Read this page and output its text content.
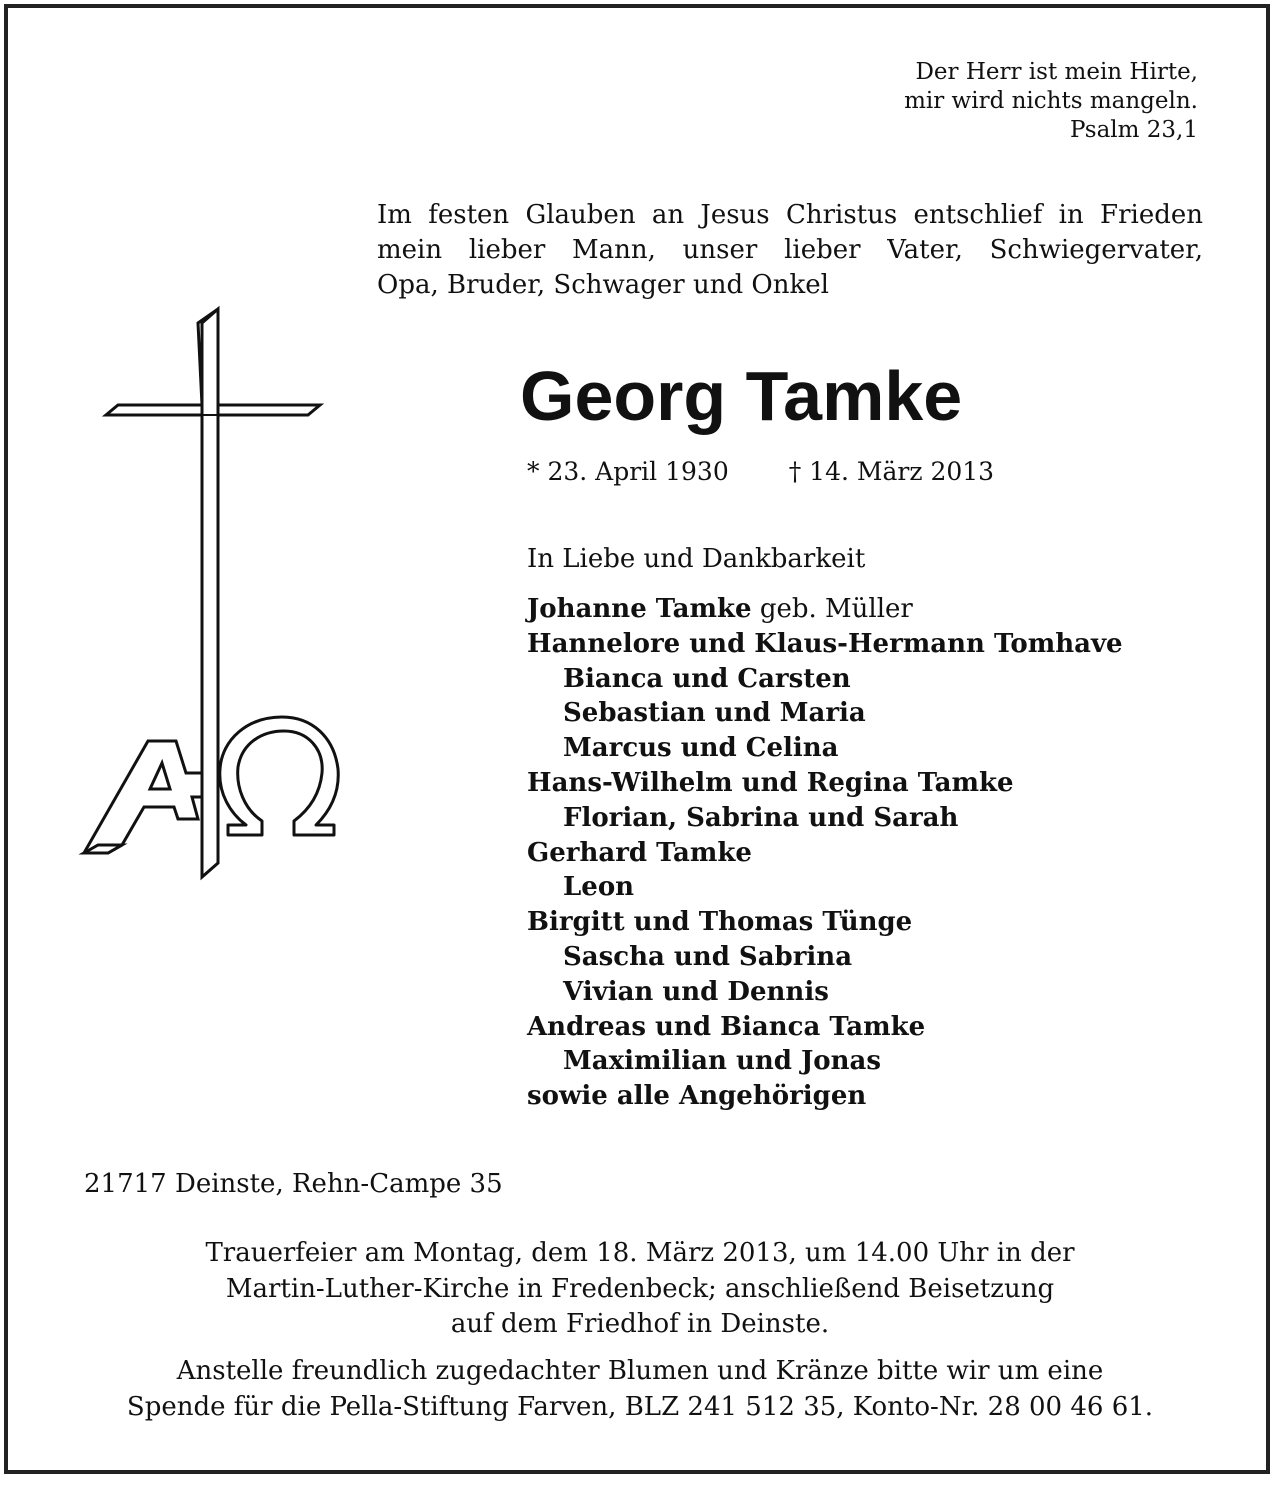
Der Herr ist mein Hirte,
mir wird nichts mangeln.
Psalm 23,1
Im festen Glauben an Jesus Christus entschlief in Frieden
mein lieber Mann, unser lieber Vater, Schwiegervater,
Opa, Bruder, Schwager und Onkel
Georg Tamke
* 23. April 1930 † 14. März 2013
In Liebe und Dankbarkeit
Johanne Tamke geb. Müller
Hannelore und Klaus-Hermann Tomhave
Bianca und Carsten
Sebastian und Maria
Marcus und Celina
Hans-Wilhelm und Regina Tamke
Florian, Sabrina und Sarah
Gerhard Tamke
Leon
Birgitt und Thomas Tünge
Sascha und Sabrina
Vivian und Dennis
Andreas und Bianca Tamke
Maximilian und Jonas
sowie alle Angehörigen
21717 Deinste, Rehn-Campe 35
Trauerfeier am Montag, dem 18. März 2013, um 14.00 Uhr in der
Martin-Luther-Kirche in Fredenbeck; anschließend Beisetzung
auf dem Friedhof in Deinste.
Anstelle freundlich zugedachter Blumen und Kränze bitte wir um eine
Spende für die Pella-Stiftung Farven, BLZ 241 512 35, Konto-Nr. 28 00 46 61.
